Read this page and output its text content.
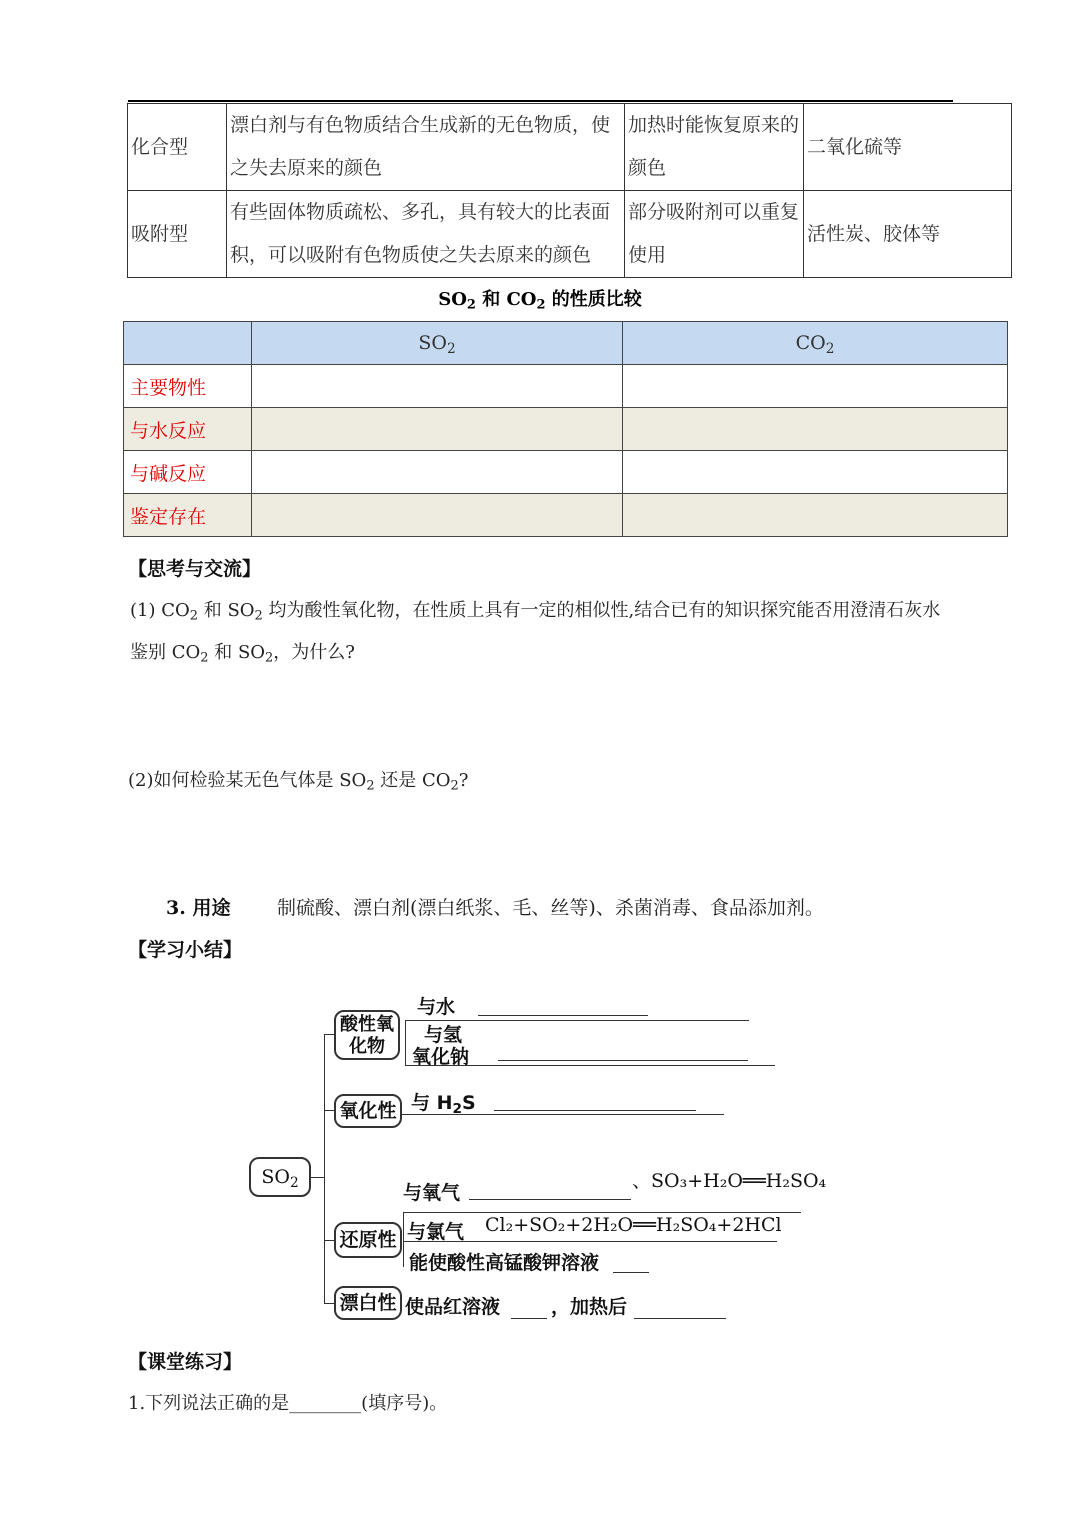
化合型	漂白剂与有色物质结合生成新的无色物质，使之失去原来的颜色	加热时能恢复原来的颜色	二氧化硫等
吸附型	有些固体物质疏松、多孔，具有较大的比表面积，可以吸附有色物质使之失去原来的颜色	部分吸附剂可以重复使用	活性炭、胶体等
$SO_2$ 和 $CO_2$ 的性质比较
	$SO_2$	$CO_2$
主要物性		
与水反应		
与碱反应		
鉴定存在		
【思考与交流】
(1) $CO_2$ 和 $SO_2$ 均为酸性氧化物，在性质上具有一定的相似性,结合已有的知识探究能否用澄清石灰水
鉴别 $CO_2$ 和 $SO_2$，为什么?
(2)如何检验某无色气体是 $SO_2$ 还是 $CO_2$?
3. 用途 制硫酸、漂白剂(漂白纸浆、毛、丝等)、杀菌消毒、食品添加剂。
【学习小结】
$SO_2$
酸性氧化物
氧化性
还原性
漂白性
与水
与氢
氧化钠
与 $H_2S$
与氧气
、SO₃+H₂O══H₂SO₄
与氯气 Cl₂+SO₂+2H₂O══H₂SO₄+2HCl
能使酸性高锰酸钾溶液
使品红溶液	，加热后
【课堂练习】
1.下列说法正确的是________(填序号)。
